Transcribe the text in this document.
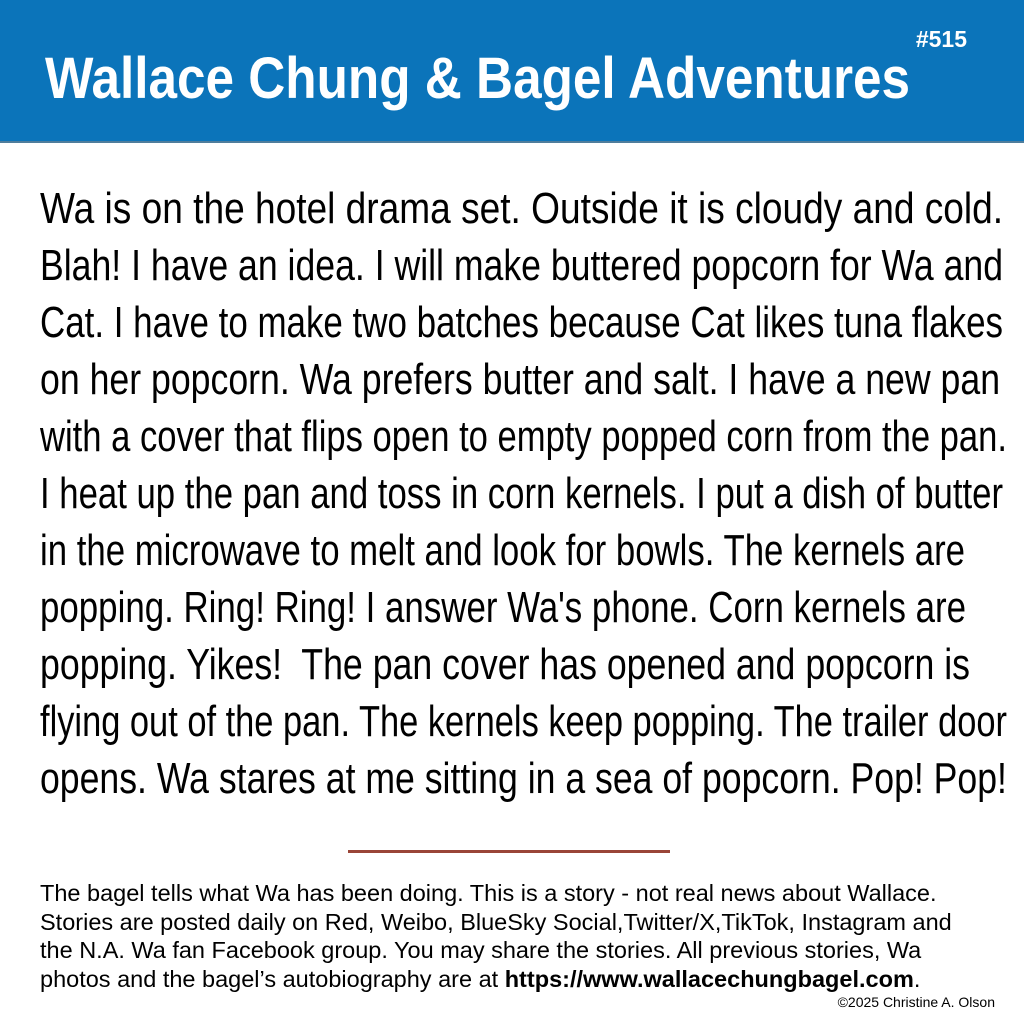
#515
Wallace Chung & Bagel Adventures
Wa is on the hotel drama set. Outside it is cloudy and cold.
Blah! I have an idea. I will make buttered popcorn for Wa and
Cat. I have to make two batches because Cat likes tuna flakes
on her popcorn. Wa prefers butter and salt. I have a new pan
with a cover that flips open to empty popped corn from the pan.
I heat up the pan and toss in corn kernels. I put a dish of butter
in the microwave to melt and look for bowls. The kernels are
popping. Ring! Ring! I answer Wa's phone. Corn kernels are
popping. Yikes!  The pan cover has opened and popcorn is
flying out of the pan. The kernels keep popping. The trailer door
opens. Wa stares at me sitting in a sea of popcorn. Pop! Pop!
The bagel tells what Wa has been doing. This is a story - not real news about Wallace.
Stories are posted daily on Red, Weibo, BlueSky Social,Twitter/X,TikTok, Instagram and
the N.A. Wa fan Facebook group. You may share the stories. All previous stories, Wa
photos and the bagel’s autobiography are at https://www.wallacechungbagel.com.
©2025 Christine A. Olson
